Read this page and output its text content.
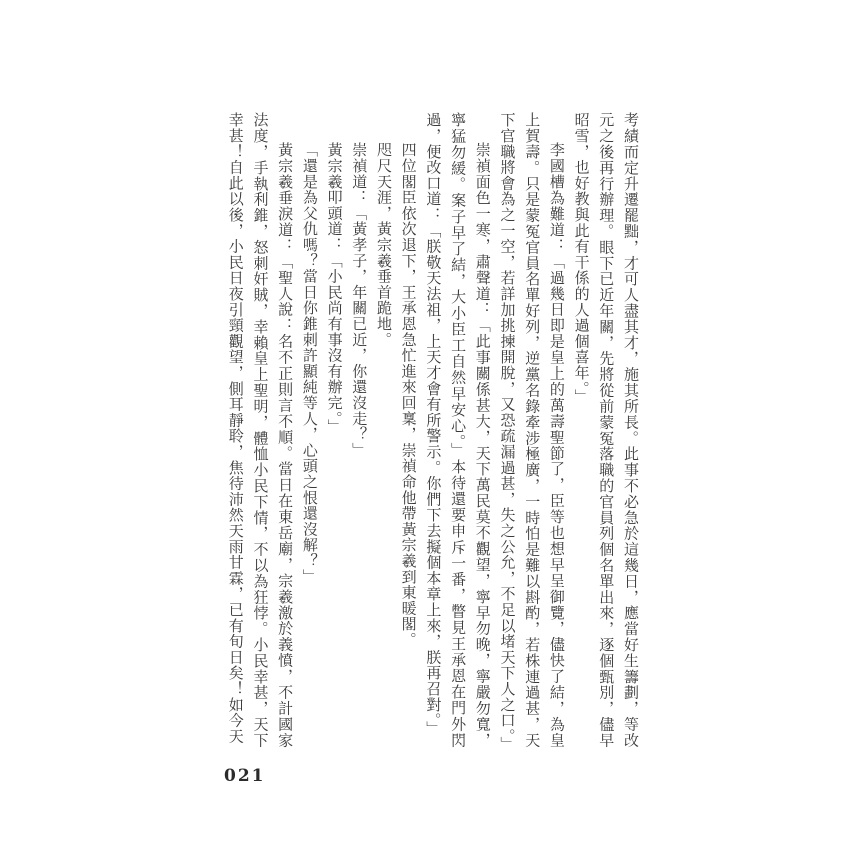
考績而定升遷罷黜，才可人盡其才，施其所長。此事不必急於這幾日，應當好生籌劃，等改元之後再行辦理。眼下已近年關，先將從前蒙冤落職的官員列個名單出來，逐個甄別，儘早昭雪，也好教與此有干係的人過個喜年。」

李國槽為難道：「過幾日即是皇上的萬壽聖節了，臣等也想早呈御覽，儘快了結，為皇上賀壽。只是蒙冤官員名單好列，逆黨名錄牽涉極廣，一時怕是難以斟酌，若株連過甚，天下官職將會為之一空，若詳加挑揀開脫，又恐疏漏過甚，失之公允，不足以堵天下人之口。」

崇禎面色一寒，肅聲道：「此事關係甚大，天下萬民莫不觀望，寧早勿晚，寧嚴勿寬，寧猛勿緩。案子早了結，大小臣工自然早安心。」本待還要申斥一番，瞥見王承恩在門外閃過，便改口道：「朕敬天法祖，上天才會有所警示。你們下去擬個本章上來，朕再召對。」

四位閣臣依次退下，王承恩急忙進來回稟，崇禎命他帶黃宗羲到東暖閣。

咫尺天涯，黃宗羲垂首跪地。

崇禎道：「黃孝子，年關已近，你還沒走？」

黃宗羲叩頭道：「小民尚有事沒有辦完。」

「還是為父仇嗎？當日你錐刺許顯純等人，心頭之恨還沒解？」

黃宗羲垂淚道：「聖人說：名不正則言不順。當日在東岳廟，宗羲激於義憤，不計國家法度，手執利錐，怒刺奸賊，幸賴皇上聖明，體恤小民下情，不以為狂悖。小民幸甚，天下幸甚！自此以後，小民日夜引頸觀望，側耳靜聆，焦待沛然天雨甘霖，已有旬日矣！如今天

021
